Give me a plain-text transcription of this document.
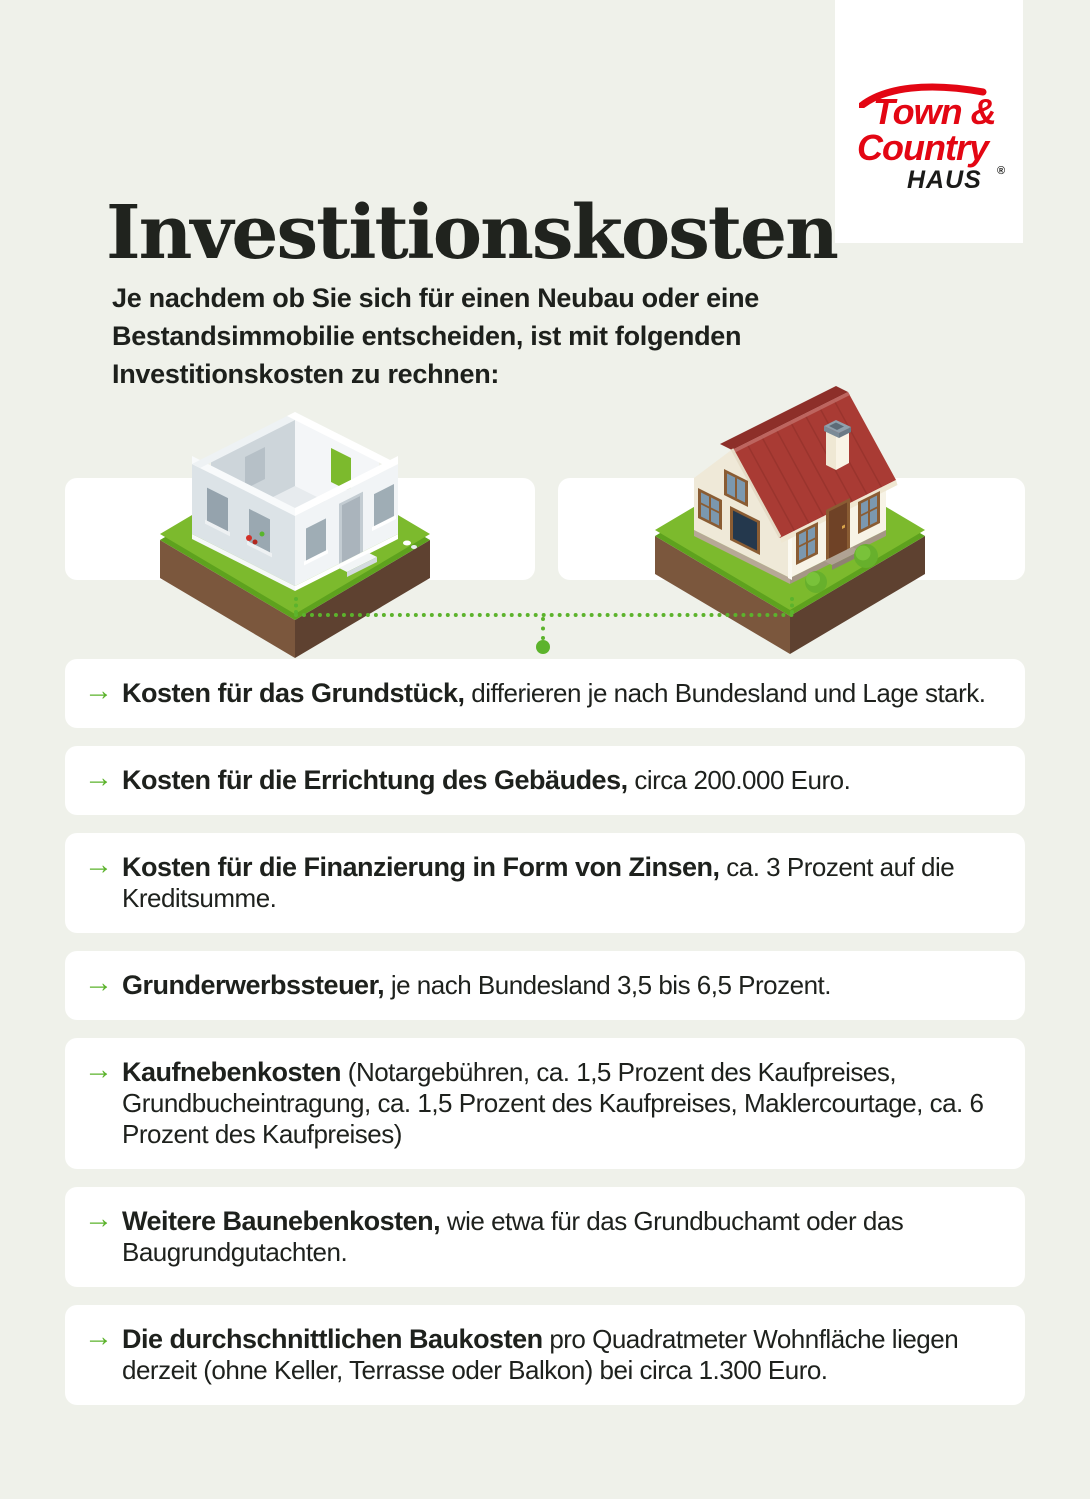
Town &
Country
HAUS ®
Investitionskosten
Je nachdem ob Sie sich für einen Neubau oder eine
Bestandsimmobilie entscheiden, ist mit folgenden
Investitionskosten zu rechnen:
→ Kosten für das Grundstück, differieren je nach Bundesland und Lage stark.
→ Kosten für die Errichtung des Gebäudes, circa 200.000 Euro.
→ Kosten für die Finanzierung in Form von Zinsen, ca. 3 Prozent auf die Kreditsumme.
→ Grunderwerbssteuer, je nach Bundesland 3,5 bis 6,5 Prozent.
→ Kaufnebenkosten (Notargebühren, ca. 1,5 Prozent des Kaufpreises, Grundbucheintragung, ca. 1,5 Prozent des Kaufpreises, Maklercourtage, ca. 6 Prozent des Kaufpreises)
→ Weitere Baunebenkosten, wie etwa für das Grundbuchamt oder das Baugrundgutachten.
→ Die durchschnittlichen Baukosten pro Quadratmeter Wohnfläche liegen derzeit (ohne Keller, Terrasse oder Balkon) bei circa 1.300 Euro.
